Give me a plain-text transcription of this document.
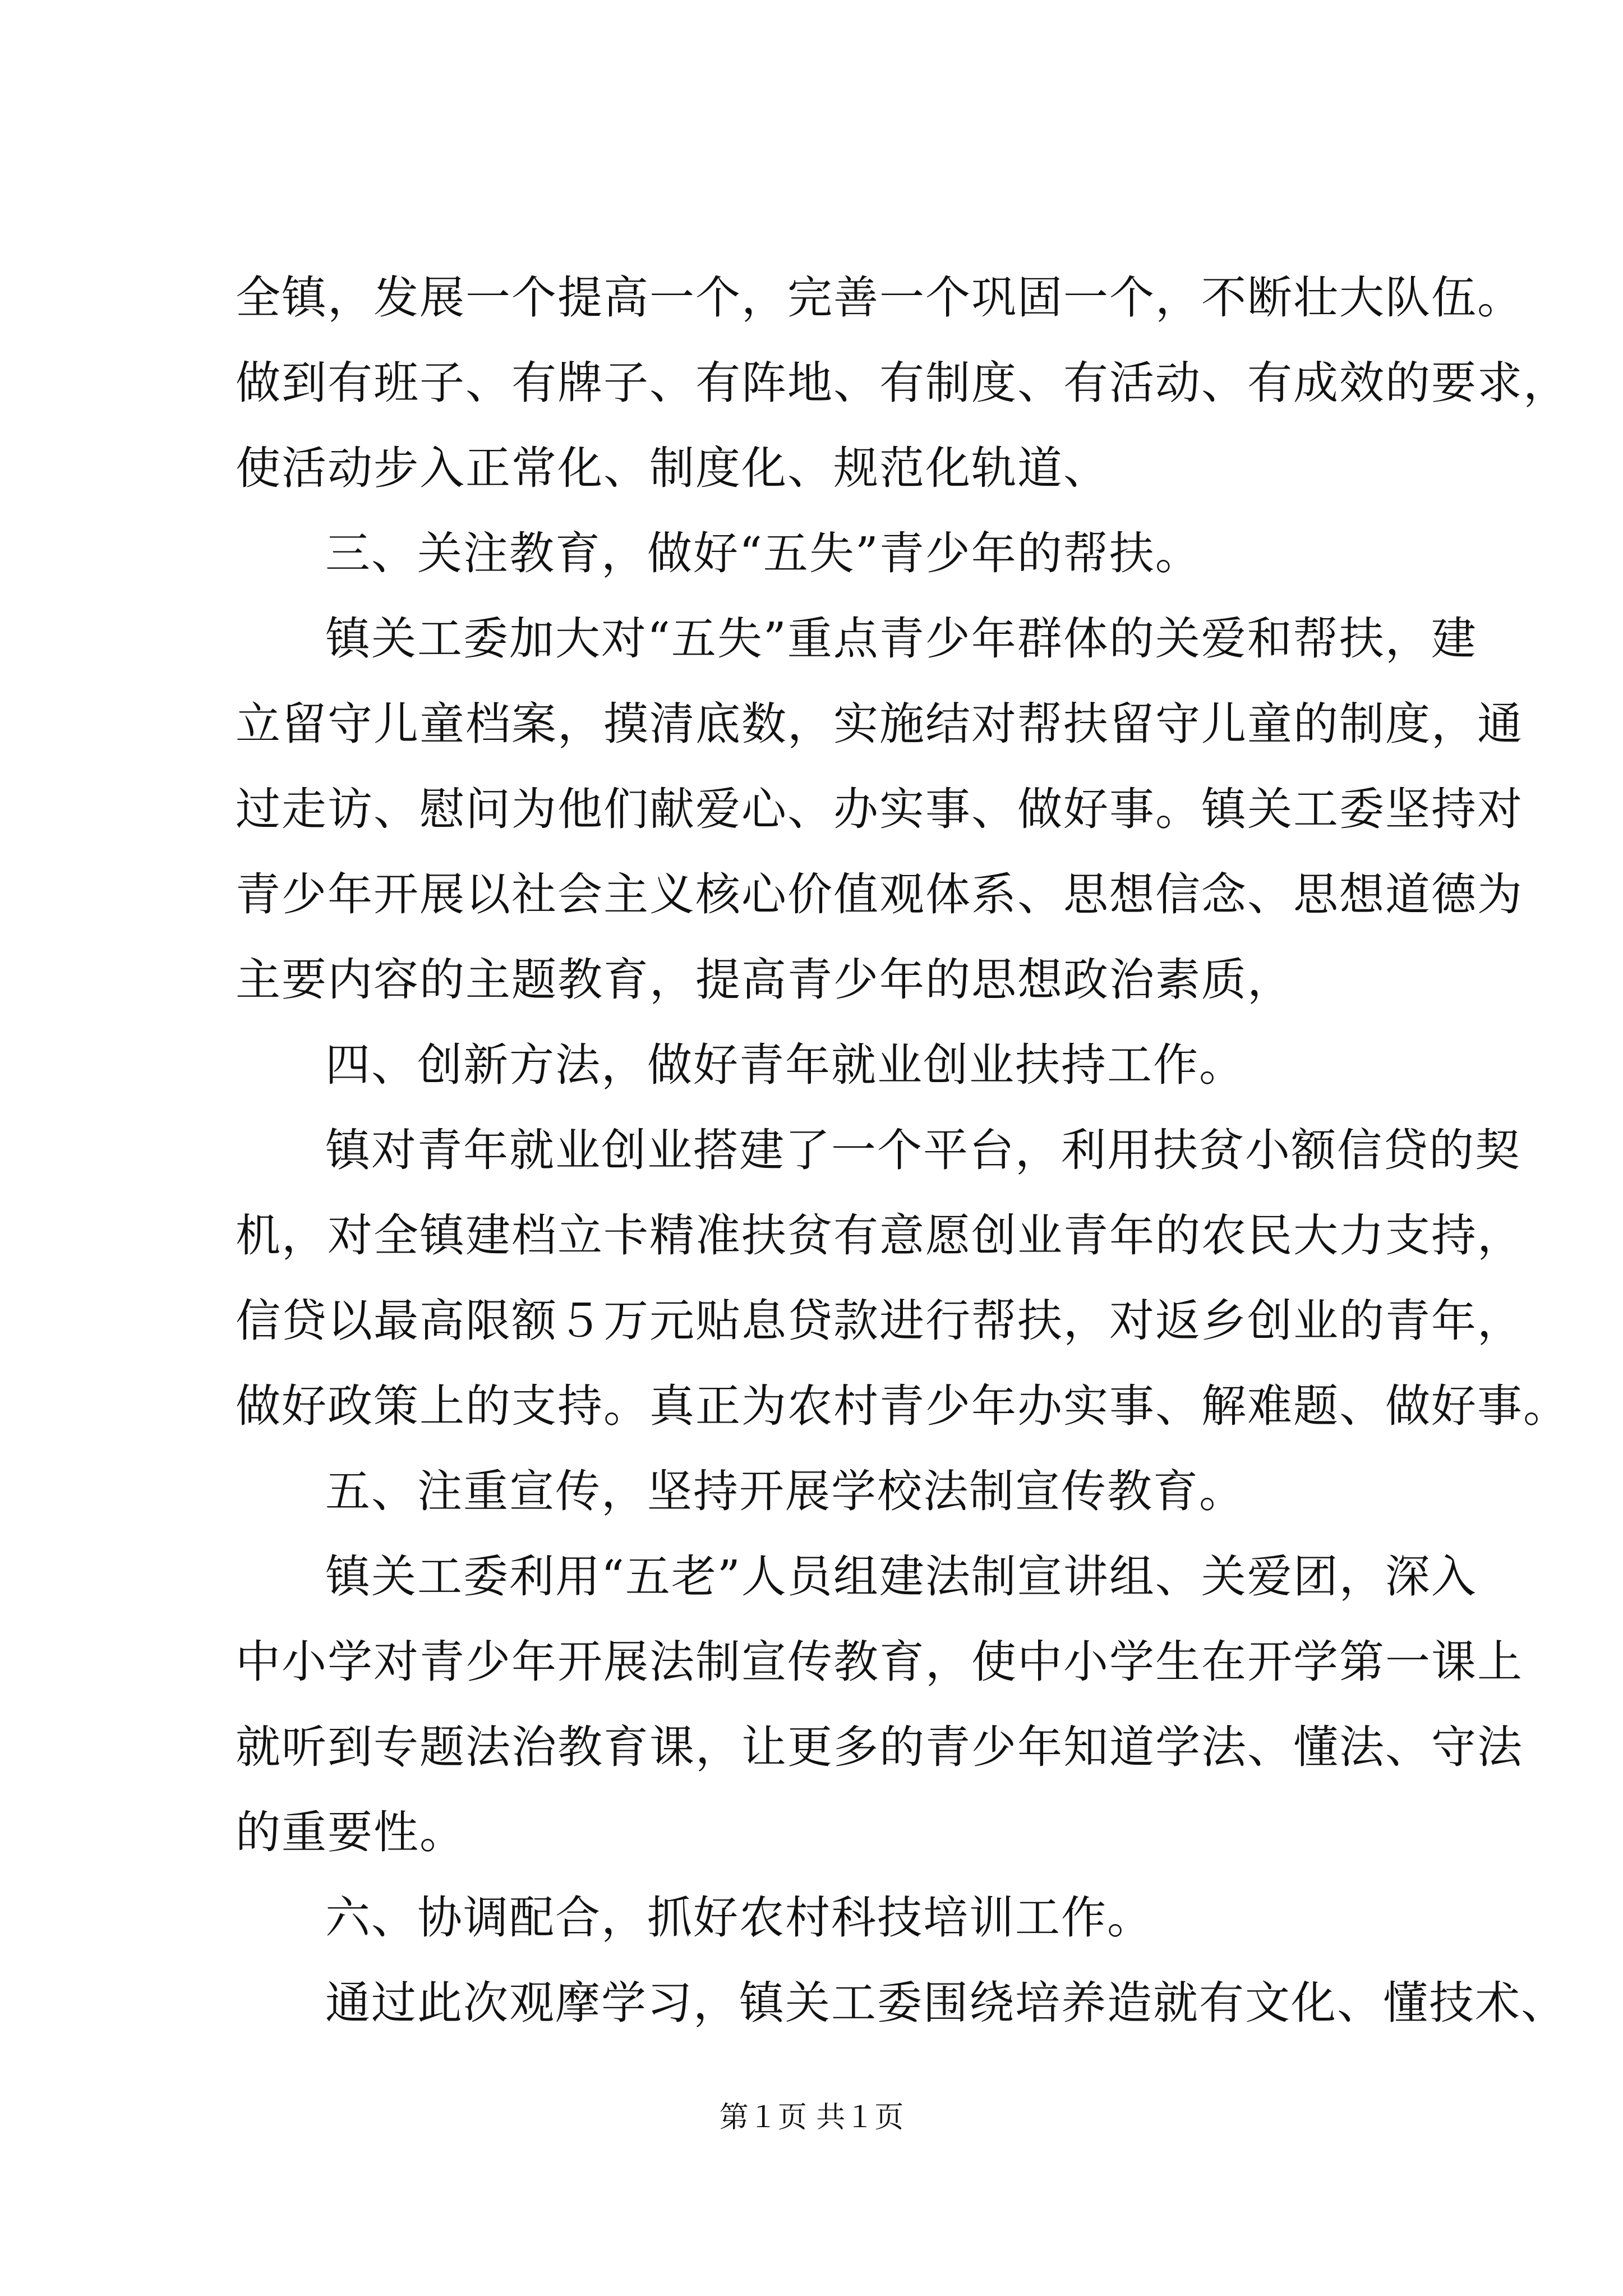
全镇，发展一个提高一个，完善一个巩固一个，不断壮大队伍。
做到有班子、有牌子、有阵地、有制度、有活动、有成效的要求，
使活动步入正常化、制度化、规范化轨道、
三、关注教育，做好“五失”青少年的帮扶。
镇关工委加大对“五失”重点青少年群体的关爱和帮扶，建
立留守儿童档案，摸清底数，实施结对帮扶留守儿童的制度，通
过走访、慰问为他们献爱心、办实事、做好事。镇关工委坚持对
青少年开展以社会主义核心价值观体系、思想信念、思想道德为
主要内容的主题教育，提高青少年的思想政治素质，
四、创新方法，做好青年就业创业扶持工作。
镇对青年就业创业搭建了一个平台，利用扶贫小额信贷的契
机，对全镇建档立卡精准扶贫有意愿创业青年的农民大力支持，
信贷以最高限额５万元贴息贷款进行帮扶，对返乡创业的青年，
做好政策上的支持。真正为农村青少年办实事、解难题、做好事。
五、注重宣传，坚持开展学校法制宣传教育。
镇关工委利用“五老”人员组建法制宣讲组、关爱团，深入
中小学对青少年开展法制宣传教育，使中小学生在开学第一课上
就听到专题法治教育课，让更多的青少年知道学法、懂法、守法
的重要性。
六、协调配合，抓好农村科技培训工作。
通过此次观摩学习，镇关工委围绕培养造就有文化、懂技术、
第１页 共１页
